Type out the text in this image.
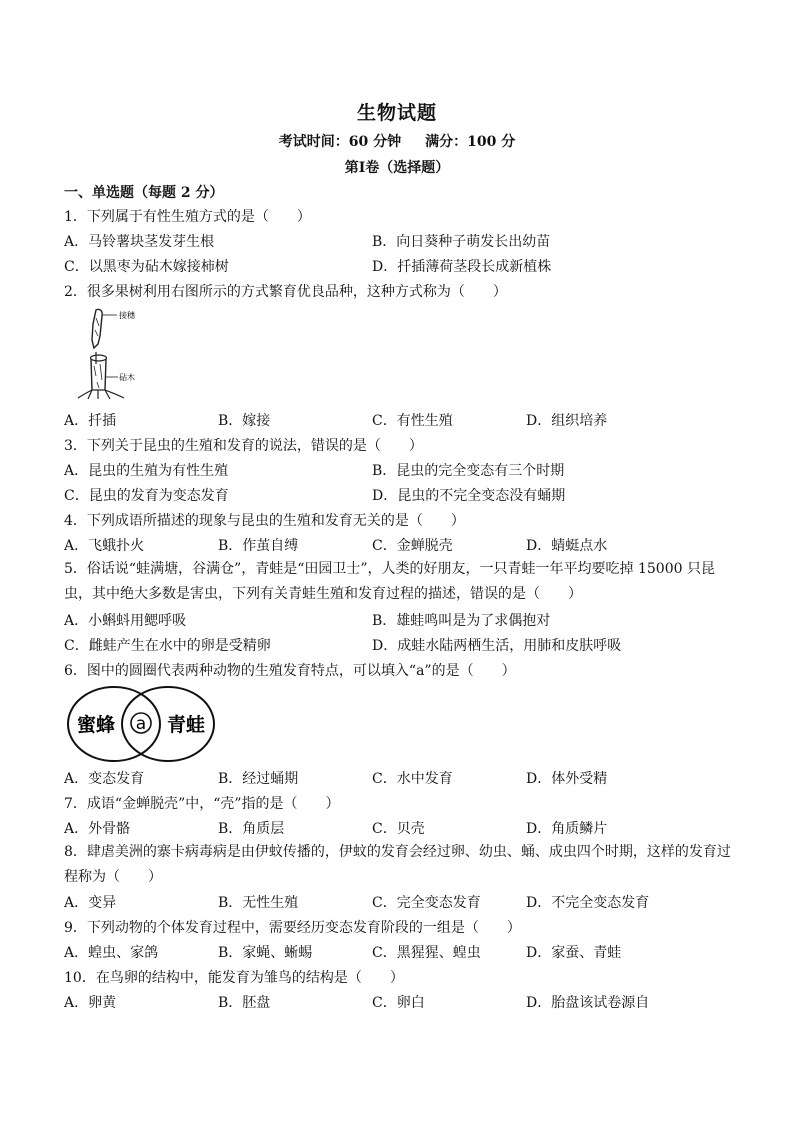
生物试题
考试时间：60 分钟 满分：100 分
第Ⅰ卷（选择题）
一、单选题（每题 2 分）
1．下列属于有性生殖方式的是（　　）
A．马铃薯块茎发芽生根	B．向日葵种子萌发长出幼苗
C．以黑枣为砧木嫁接柿树	D．扦插薄荷茎段长成新植株
2．很多果树利用右图所示的方式繁育优良品种，这种方式称为（　　）
接穗
砧木
A．扦插	B．嫁接	C．有性生殖	D．组织培养
3．下列关于昆虫的生殖和发育的说法，错误的是（　　）
A．昆虫的生殖为有性生殖	B．昆虫的完全变态有三个时期
C．昆虫的发育为变态发育	D．昆虫的不完全变态没有蛹期
4．下列成语所描述的现象与昆虫的生殖和发育无关的是（　　）
A．飞蛾扑火	B．作茧自缚	C．金蝉脱壳	D．蜻蜓点水
5．俗话说“蛙满塘，谷满仓”，青蛙是“田园卫士”，人类的好朋友，一只青蛙一年平均要吃掉 15000 只昆虫，其中绝大多数是害虫，下列有关青蛙生殖和发育过程的描述，错误的是（　　）
A．小蝌蚪用鳃呼吸	B．雄蛙鸣叫是为了求偶抱对
C．雌蛙产生在水中的卵是受精卵	D．成蛙水陆两栖生活，用肺和皮肤呼吸
6．图中的圆圈代表两种动物的生殖发育特点，可以填入“a”的是（　　）
a
蜜蜂	青蛙
A．变态发育	B．经过蛹期	C．水中发育	D．体外受精
7．成语“金蝉脱壳”中，“壳”指的是（　　）
A．外骨骼	B．角质层	C．贝壳	D．角质鳞片
8．肆虐美洲的寨卡病毒病是由伊蚊传播的，伊蚊的发育会经过卵、幼虫、蛹、成虫四个时期，这样的发育过程称为（　　）
A．变异	B．无性生殖	C．完全变态发育	D．不完全变态发育
9．下列动物的个体发育过程中，需要经历变态发育阶段的一组是（　　）
A．蝗虫、家鸽	B．家蝇、蜥蜴	C．黑猩猩、蝗虫	D．家蚕、青蛙
10．在鸟卵的结构中，能发育为雏鸟的结构是（　　）
A．卵黄	B．胚盘	C．卵白	D．胎盘该试卷源自
